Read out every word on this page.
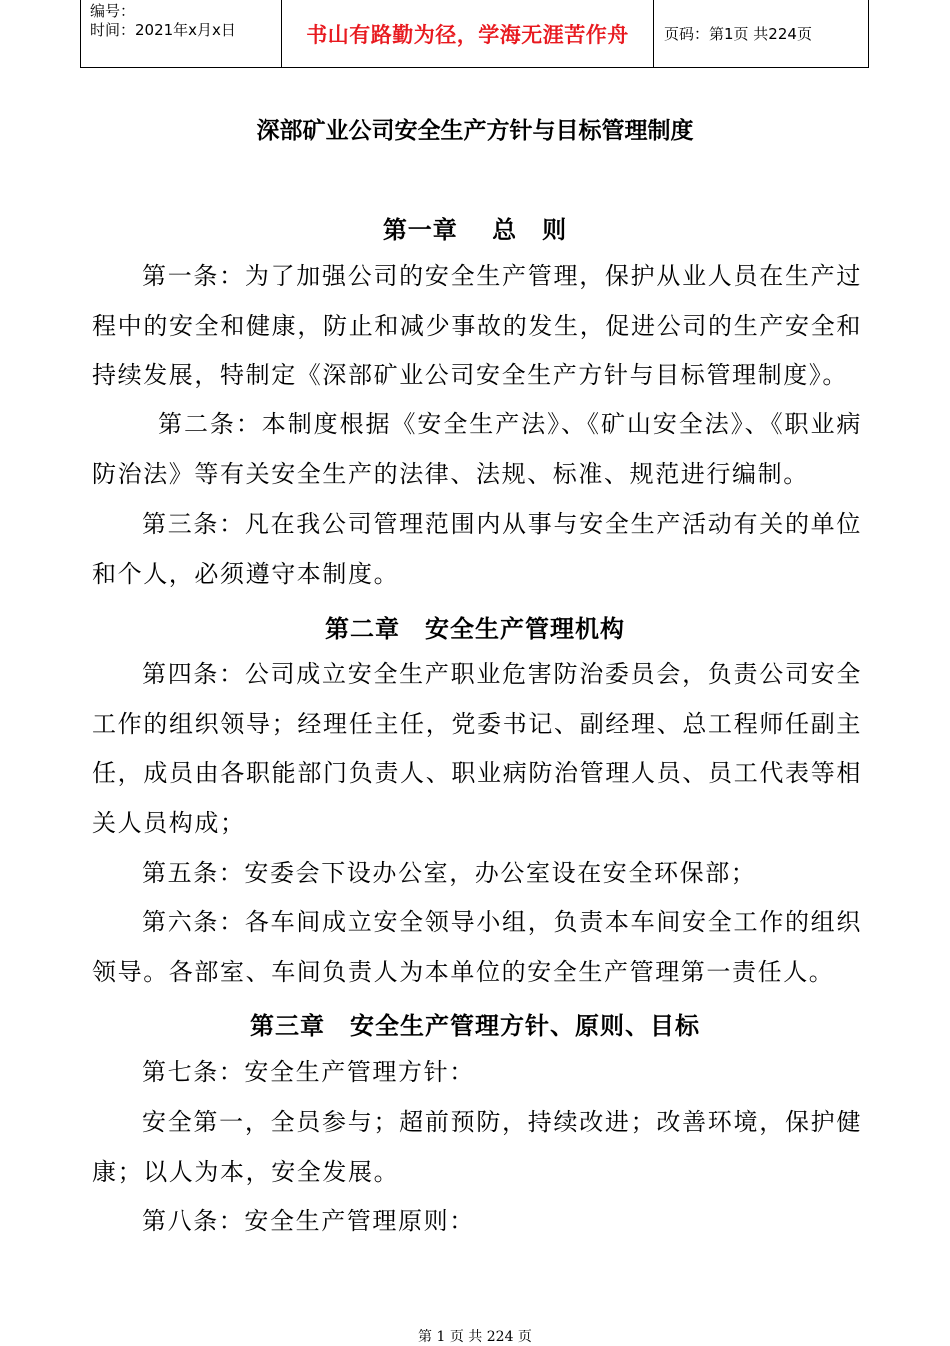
编号：
时间：2021年x月x日	书山有路勤为径，学海无涯苦作舟	页码：第1页 共224页
深部矿业公司安全生产方针与目标管理制度
第一章　 总　则
第一条：为了加强公司的安全生产管理，保护从业人员在生产过程中的安全和健康，防止和减少事故的发生，促进公司的生产安全和持续发展，特制定《深部矿业公司安全生产方针与目标管理制度》。
第二条：本制度根据《安全生产法》、《矿山安全法》、《职业病防治法》等有关安全生产的法律、法规、标准、规范进行编制。
第三条：凡在我公司管理范围内从事与安全生产活动有关的单位和个人，必须遵守本制度。
第二章　安全生产管理机构
第四条：公司成立安全生产职业危害防治委员会，负责公司安全工作的组织领导；经理任主任，党委书记、副经理、总工程师任副主任，成员由各职能部门负责人、职业病防治管理人员、员工代表等相关人员构成；
第五条：安委会下设办公室，办公室设在安全环保部；
第六条：各车间成立安全领导小组，负责本车间安全工作的组织领导。各部室、车间负责人为本单位的安全生产管理第一责任人。
第三章　安全生产管理方针、原则、目标
第七条：安全生产管理方针：
安全第一，全员参与；超前预防，持续改进；改善环境，保护健康；以人为本，安全发展。
第八条：安全生产管理原则：
第 1 页 共 224 页
